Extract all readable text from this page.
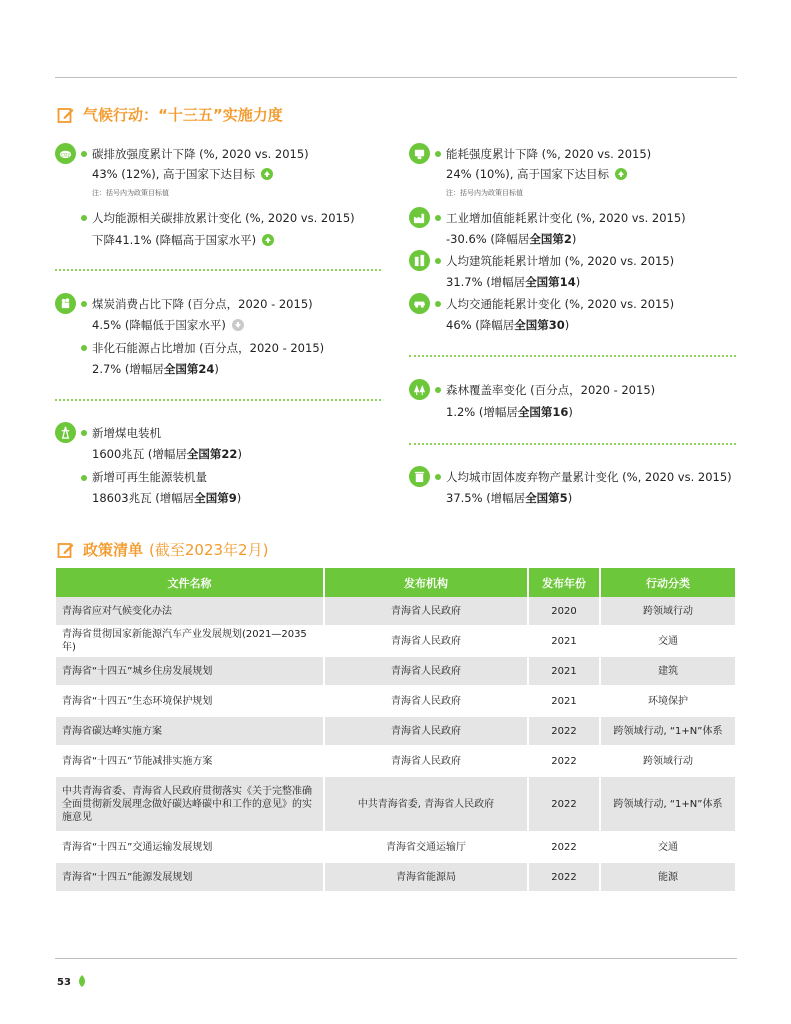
气候行动：“十三五”实施力度
CO2 碳排放强度累计下降 (%, 2020 vs. 2015)
43% (12%), 高于国家下达目标
注：括号内为政策目标值
人均能源相关碳排放累计变化 (%, 2020 vs. 2015)
下降41.1% (降幅高于国家水平)
煤炭消费占比下降 (百分点，2020 - 2015)
4.5% (降幅低于国家水平)
非化石能源占比增加 (百分点，2020 - 2015)
2.7% (增幅居 全国第24 )
新增煤电装机
1600兆瓦 (增幅居 全国第22 )
新增可再生能源装机量
18603兆瓦 (增幅居 全国第9 )
能耗强度累计下降 (%, 2020 vs. 2015)
24% (10%), 高于国家下达目标
注：括号内为政策目标值
工业增加值能耗累计变化 (%, 2020 vs. 2015)
-30.6% (降幅居 全国第2 )
人均建筑能耗累计增加 (%, 2020 vs. 2015)
31.7% (增幅居 全国第14 )
人均交通能耗累计变化 (%, 2020 vs. 2015)
46% (降幅居 全国第30 )
森林覆盖率变化 (百分点，2020 - 2015)
1.2% (增幅居 全国第16 )
人均城市固体废弃物产量累计变化 (%, 2020 vs. 2015)
37.5% (增幅居 全国第5 )
政策清单 (截至2023年2月)
文件名称	发布机构	发布年份	行动分类
青海省应对气候变化办法	青海省人民政府	2020	跨领域行动
青海省贯彻国家新能源汽车产业发展规划(2021—2035年)	青海省人民政府	2021	交通
青海省“十四五”城乡住房发展规划	青海省人民政府	2021	建筑
青海省“十四五”生态环境保护规划	青海省人民政府	2021	环境保护
青海省碳达峰实施方案	青海省人民政府	2022	跨领域行动, “1+N”体系
青海省“十四五”节能减排实施方案	青海省人民政府	2022	跨领域行动
中共青海省委、青海省人民政府贯彻落实《关于完整准确全面贯彻新发展理念做好碳达峰碳中和工作的意见》的实施意见	中共青海省委, 青海省人民政府	2022	跨领域行动, “1+N”体系
青海省“十四五”交通运输发展规划	青海省交通运输厅	2022	交通
青海省“十四五”能源发展规划	青海省能源局	2022	能源
53
